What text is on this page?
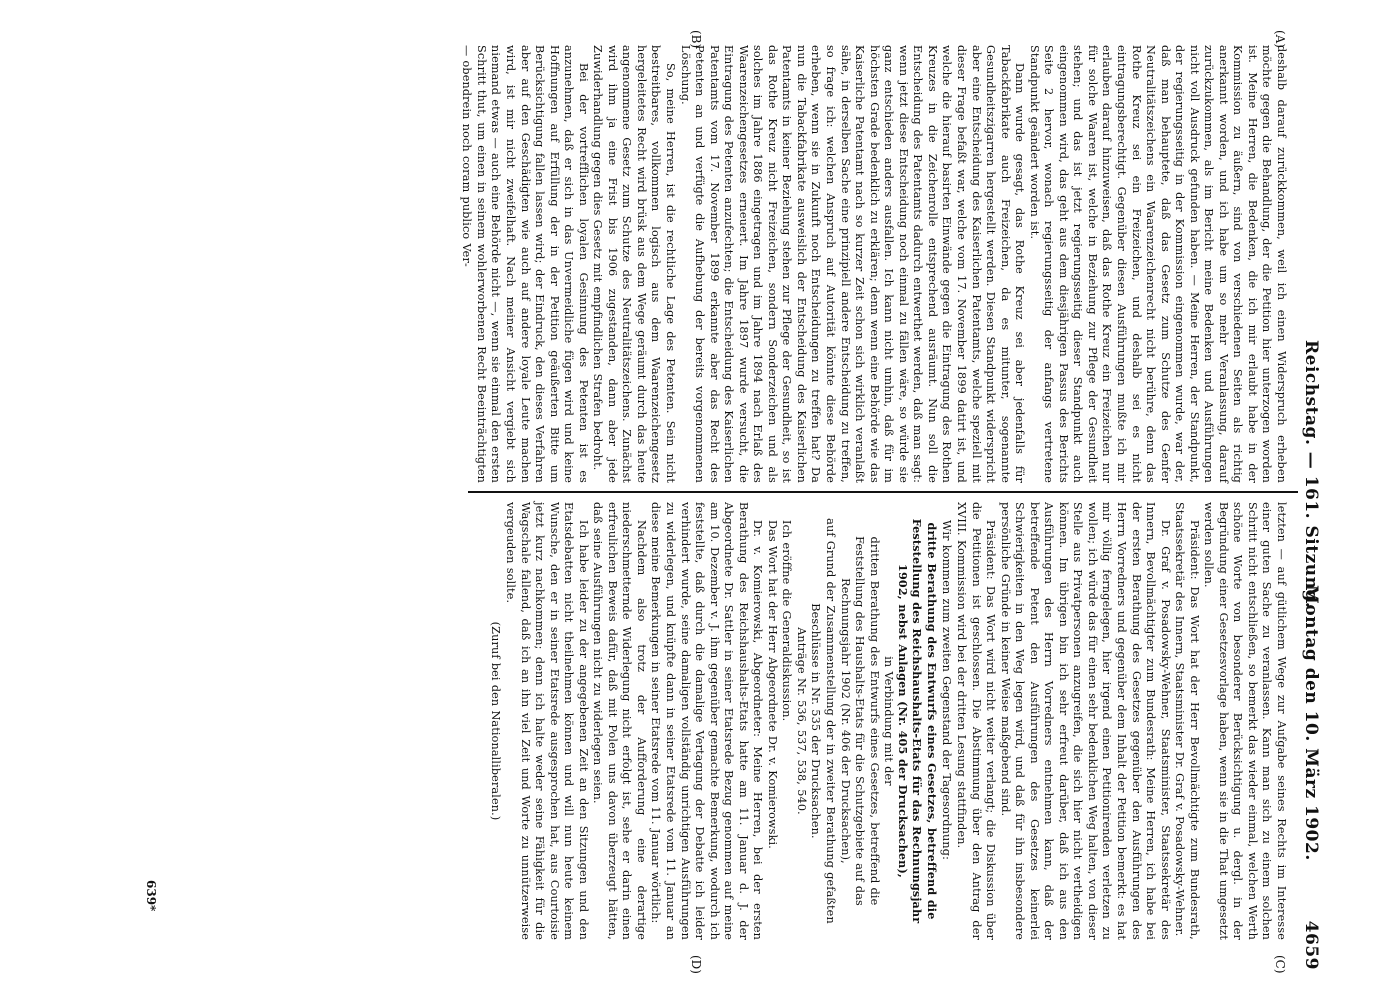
Reichstag. — 161. Sitzung.
Montag den 10. März 1902.
4659
(A)
(B)
(C)
(D)

deshalb darauf zurückkommen, weil ich einen Widerspruch erheben möchte gegen die Behandlung, der die Petition hier unterzogen worden ist. Meine Herren, die Bedenken, die ich mir erlaubt habe in der Kommission zu äußern, sind von verschiedenen Seiten als richtig anerkannt worden, und ich habe um so mehr Veranlassung, darauf zurückzukommen, als im Bericht meine Bedenken und Ausführungen nicht voll Ausdruck gefunden haben. — Meine Herren, der Standpunkt, der regierungsseitig in der Kommission eingenommen wurde, war der, daß man behauptete, daß das Gesetz zum Schutze des Genfer Neutralitätszeichens ein Waarenzeichenrecht nicht berühre, denn das Rothe Kreuz sei ein Freizeichen, und deshalb sei es nicht eintragungsberechtigt. Gegenüber diesen Ausführungen mußte ich mir erlauben darauf hinzuweisen, daß das Rothe Kreuz ein Freizeichen nur für solche Waaren ist, welche in Beziehung zur Pflege der Gesundheit stehen; und das ist jetzt regierungsseitig dieser Standpunkt auch eingenommen wird, das geht aus dem diesjährigen Passus des Berichts Seite 2 hervor, wonach regierungsseitig der anfangs vertretene Standpunkt geändert worden ist.

Dann wurde gesagt, das Rothe Kreuz sei aber jedenfalls für Tabackfabrikate auch Freizeichen, da es mitunter, sogenannte Gesundheitszigarren hergestellt werden. Diesen Standpunkt widerspricht aber eine Entscheidung des Kaiserlichen Patentamts, welche speziell mit dieser Frage befaßt war, welche vom 17. November 1899 datirt ist, und welche die hierauf basirten Einwände gegen die Eintragung des Rothen Kreuzes in die Zeichenrolle entsprechend ausräumt. Nun soll die Entscheidung des Patentamts dadurch entwerthet werden, daß man sagt: wenn jetzt diese Entscheidung noch einmal zu fällen wäre, so würde sie ganz entschieden anders ausfallen. Ich kann nicht umhin, daß für im höchsten Grade bedenklich zu erklären; denn wenn eine Behörde wie das Kaiserliche Patentamt nach so kurzer Zeit schon sich wirklich veranlaßt sähe, in derselben Sache eine prinzipiell andere Entscheidung zu treffen, so frage ich: welchen Anspruch auf Autorität könnte diese Behörde erheben, wenn sie in Zukunft noch Entscheidungen zu treffen hat? Da nun die Tabackfabrikate ausweislich der Entscheidung des Kaiserlichen Patentamts in keiner Beziehung stehen zur Pflege der Gesundheit, so ist das Rothe Kreuz nicht Freizeichen, sondern Sonderzeichen und als solches im Jahre 1886 eingetragen und im Jahre 1894 nach Erlaß des Waarenzeichengesetzes erneuert. Im Jahre 1897 wurde versucht, die Eintragung des Petenten anzufechten; die Entscheidung des Kaiserlichen Patentamts vom 17. November 1899 erkannte aber das Recht des Petenten an und verfügte die Aufhebung der bereits vorgenommenen Löschung.

So, meine Herren, ist die rechtliche Lage des Petenten. Sein nicht bestreitbares, vollkommen logisch aus dem Waarenzeichengesetz hergeleitetes Recht wird brüsk aus dem Wege geräumt durch das heute angenommene Gesetz zum Schutze des Neutralitätszeichens. Zunächst wird ihm ja eine Frist bis 1906 zugestanden, dann aber jede Zuwiderhandlung gegen dies Gesetz mit empfindlichen Strafen bedroht.

Bei der vortrefflichen loyalen Gesinnung des Petenten ist es anzunehmen, daß er sich in das Unvermeidliche fügen wird und keine Hoffnungen auf Erfüllung der in der Petition geäußerten Bitte um Berücksichtigung fallen lassen wird; der Eindruck, den dieses Verfahren aber auf den Geschädigten wie auch auf andere loyale Leute machen wird, ist mir nicht zweifelhaft. Nach meiner Ansicht vergiebt sich niemand etwas — auch eine Behörde nicht —, wenn sie einmal den ersten Schritt thut, um einen in seinem wohlerworbenen Recht Beeinträchtigten — obendrein noch coram publico Ver-

letzten — auf gütlichem Wege zur Aufgabe seines Rechts im Interesse einer guten Sache zu veranlassen. Kann man sich zu einem solchen Schritt nicht entschließen, so bemerkt das wieder einmal, welchen Werth schöne Worte von besonderer Berücksichtigung u. dergl. in der Begründung einer Gesetzesvorlage haben, wenn sie in die That umgesetzt werden sollen.

Präsident: Das Wort hat der Herr Bevollmächtigte zum Bundesrath, Staatssekretär des Innern, Staatsminister Dr. Graf v. Posadowsky-Wehner.

Dr. Graf v. Posadowsky-Wehner, Staatsminister, Staatssekretär des Innern, Bevollmächtigter zum Bundesrath: Meine Herren, ich habe bei der ersten Berathung des Gesetzes gegenüber den Ausführungen des Herrn Vorredners und gegenüber dem Inhalt der Petition bemerkt: es hat mir völlig ferngelegen, hier irgend einen Petitionirenden verletzen zu wollen; ich würde das für einen sehr bedenklichen Weg halten, von dieser Stelle aus Privatpersonen anzugreifen, die sich hier nicht vertheidigen können. Im übrigen bin ich sehr erfreut darüber, daß ich aus den Ausführungen des Herrn Vorredners entnehmen kann, daß der betreffende Petent den Ausführungen des Gesetzes keinerlei Schwierigkeiten in den Weg legen wird, und daß für ihn insbesondere persönliche Gründe in keiner Weise maßgebend sind.

Präsident: Das Wort wird nicht weiter verlangt; die Diskussion über die Petitionen ist geschlossen. Die Abstimmung über den Antrag der XVIII. Kommission wird bei der dritten Lesung stattfinden.

Wir kommen zum zweiten Gegenstand der Tagesordnung:

dritte Berathung des Entwurfs eines Gesetzes, betreffend die Feststellung des Reichshaushalts-Etats für das Rechnungsjahr 1902, nebst Anlagen (Nr. 405 der Drucksachen),

in Verbindung mit der

dritten Berathung des Entwurfs eines Gesetzes, betreffend die Feststellung des Haushalts-Etats für die Schutzgebiete auf das Rechnungsjahr 1902 (Nr. 406 der Drucksachen),

auf Grund der Zusammenstellung der in zweiter Berathung gefaßten Beschlüsse in Nr. 535 der Drucksachen.

Anträge Nr. 536, 537, 538, 540.

Ich eröffne die Generaldiskussion.

Das Wort hat der Herr Abgeordnete Dr. v. Komierowski.

Dr. v. Komierowski, Abgeordneter: Meine Herren, bei der ersten Berathung des Reichshaushalts-Etats hatte am 11. Januar d. J. der Abgeordnete Dr. Sattler in seiner Etatsrede Bezug genommen auf meine am 10. Dezember v. J. ihm gegenüber gemachte Bemerkung, wodurch ich feststellte, daß durch die damalige Vertagung der Debatte ich leider verhindert wurde, seine damaligen vollständig unrichtigen Ausführungen zu widerlegen, und knüpfte dann in seiner Etatsrede vom 11. Januar an diese meine Bemerkungen in seiner Etatsrede vom 11. Januar wörtlich:

Nachdem also trotz der Aufforderung eine derartige niederschmetternde Widerlegung nicht erfolgt ist, sehe er darin einen erfreulichen Beweis dafür, daß mit Polen uns davon überzeugt hätten, daß seine Ausführungen nicht zu widerlegen seien.

Ich habe leider zu der angegebenen Zeit an den Sitzungen und den Etatsdebatten nicht theilnehmen können und will nun heute keinem Wunsche, den er in seiner Etatsrede ausgesprochen hat, aus Courtoisie jetzt kurz nachkommen; denn ich halte weder seine Fähigkeit für die Wagschale fallend, daß ich an ihn viel Zeit und Worte zu unnützerweise vergeuden sollte.

(Zuruf bei den Nationalliberalen.)

639*
